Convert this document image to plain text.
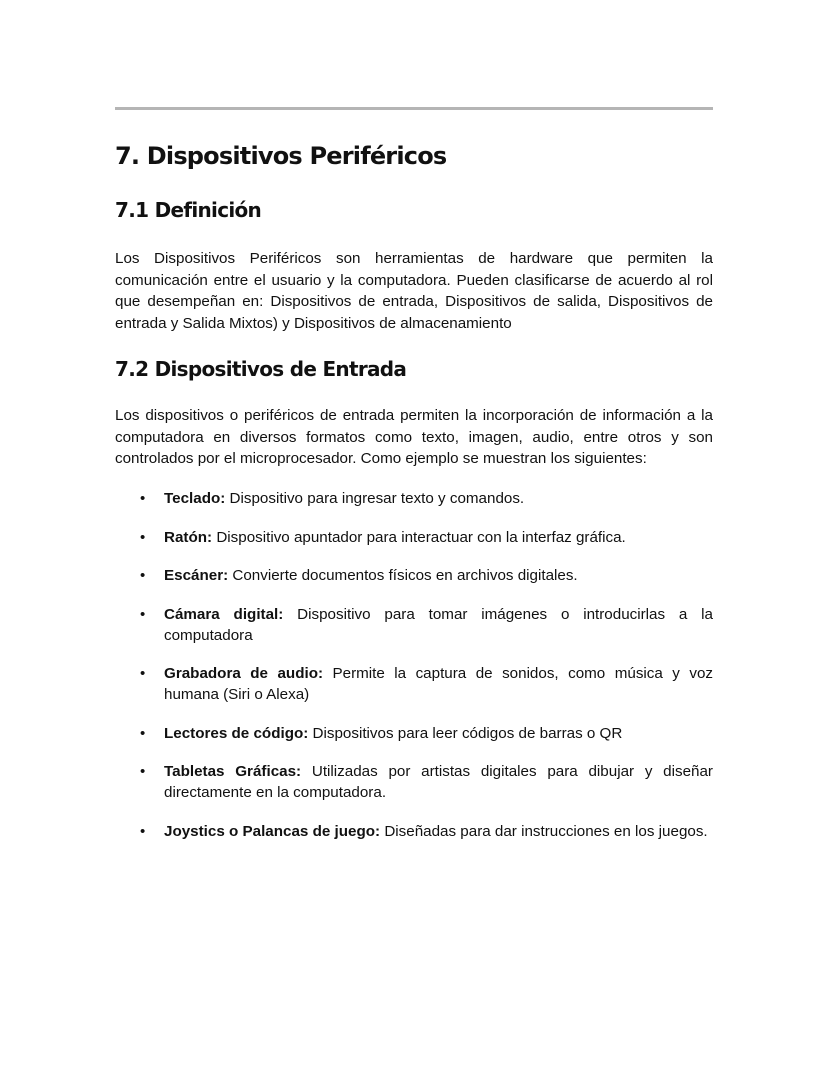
7. Dispositivos Periféricos
7.1 Definición

Los Dispositivos Periféricos son herramientas de hardware que permiten la comunicación entre el usuario y la computadora. Pueden clasificarse de acuerdo al rol que desempeñan en: Dispositivos de entrada, Dispositivos de salida, Dispositivos de entrada y Salida Mixtos) y Dispositivos de almacenamiento

7.2 Dispositivos de Entrada

Los dispositivos o periféricos de entrada permiten la incorporación de información a la computadora en diversos formatos como texto, imagen, audio, entre otros y son controlados por el microprocesador. Como ejemplo se muestran los siguientes:

• Teclado: Dispositivo para ingresar texto y comandos.
• Ratón: Dispositivo apuntador para interactuar con la interfaz gráfica.
• Escáner: Convierte documentos físicos en archivos digitales.
• Cámara digital: Dispositivo para tomar imágenes o introducirlas a la computadora
• Grabadora de audio: Permite la captura de sonidos, como música y voz humana (Siri o Alexa)
• Lectores de código: Dispositivos para leer códigos de barras o QR
• Tabletas Gráficas: Utilizadas por artistas digitales para dibujar y diseñar directamente en la computadora.
• Joystics o Palancas de juego: Diseñadas para dar instrucciones en los juegos.
